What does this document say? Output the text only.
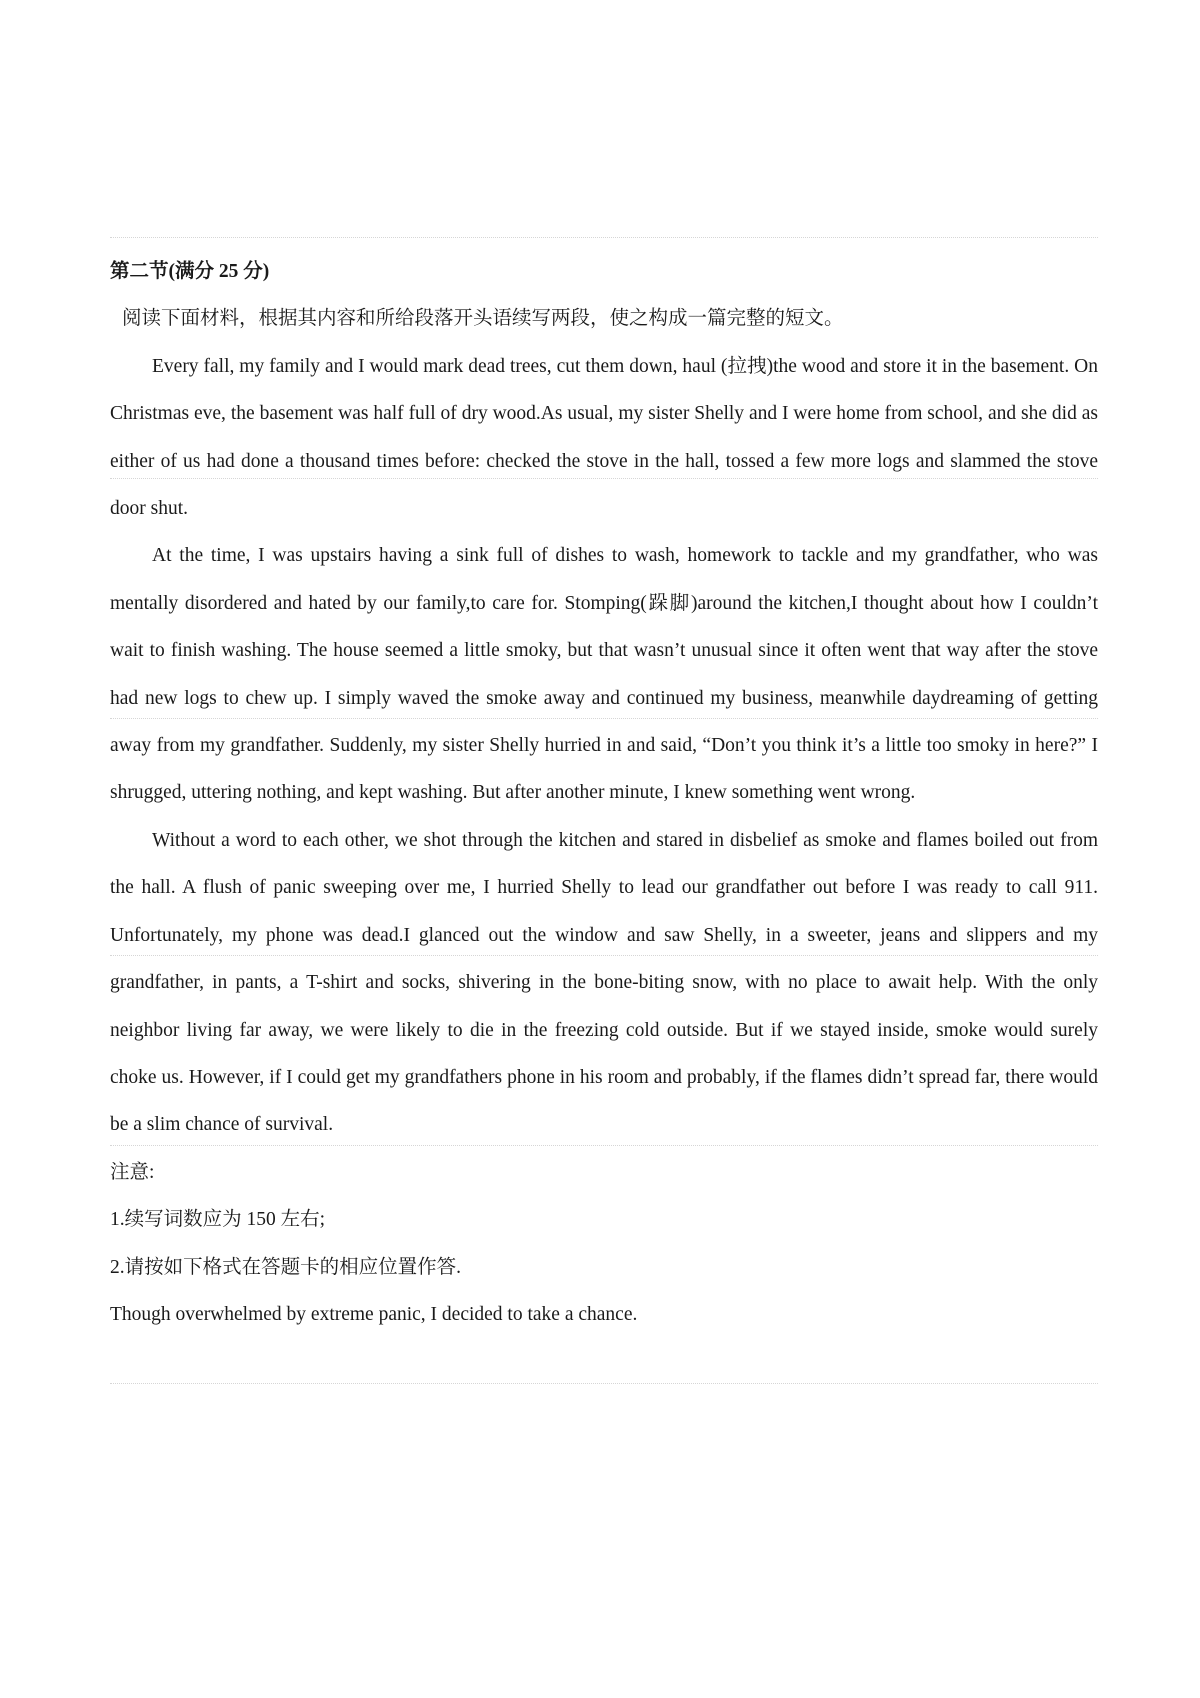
第二节(满分 25 分)

阅读下面材料，根据其内容和所给段落开头语续写两段，使之构成一篇完整的短文。

Every fall, my family and I would mark dead trees, cut them down, haul (拉拽)the wood and store it in the basement. On Christmas eve, the basement was half full of dry wood.As usual, my sister Shelly and I were home from school, and she did as either of us had done a thousand times before: checked the stove in the hall, tossed a few more logs and slammed the stove door shut.

At the time, I was upstairs having a sink full of dishes to wash, homework to tackle and my grandfather, who was mentally disordered and hated by our family,to care for. Stomping(跺脚)around the kitchen,I thought about how I couldn’t wait to finish washing. The house seemed a little smoky, but that wasn’t unusual since it often went that way after the stove had new logs to chew up. I simply waved the smoke away and continued my business, meanwhile daydreaming of getting away from my grandfather. Suddenly, my sister Shelly hurried in and said, “Don’t you think it’s a little too smoky in here?” I shrugged, uttering nothing, and kept washing. But after another minute, I knew something went wrong.

Without a word to each other, we shot through the kitchen and stared in disbelief as smoke and flames boiled out from the hall. A flush of panic sweeping over me, I hurried Shelly to lead our grandfather out before I was ready to call 911. Unfortunately, my phone was dead.I glanced out the window and saw Shelly, in a sweeter, jeans and slippers and my grandfather, in pants, a T-shirt and socks, shivering in the bone-biting snow, with no place to await help. With the only neighbor living far away, we were likely to die in the freezing cold outside. But if we stayed inside, smoke would surely choke us. However, if I could get my grandfathers phone in his room and probably, if the flames didn’t spread far, there would be a slim chance of survival.

注意:

1.续写词数应为 150 左右;

2.请按如下格式在答题卡的相应位置作答.

Though overwhelmed by extreme panic, I decided to take a chance.
